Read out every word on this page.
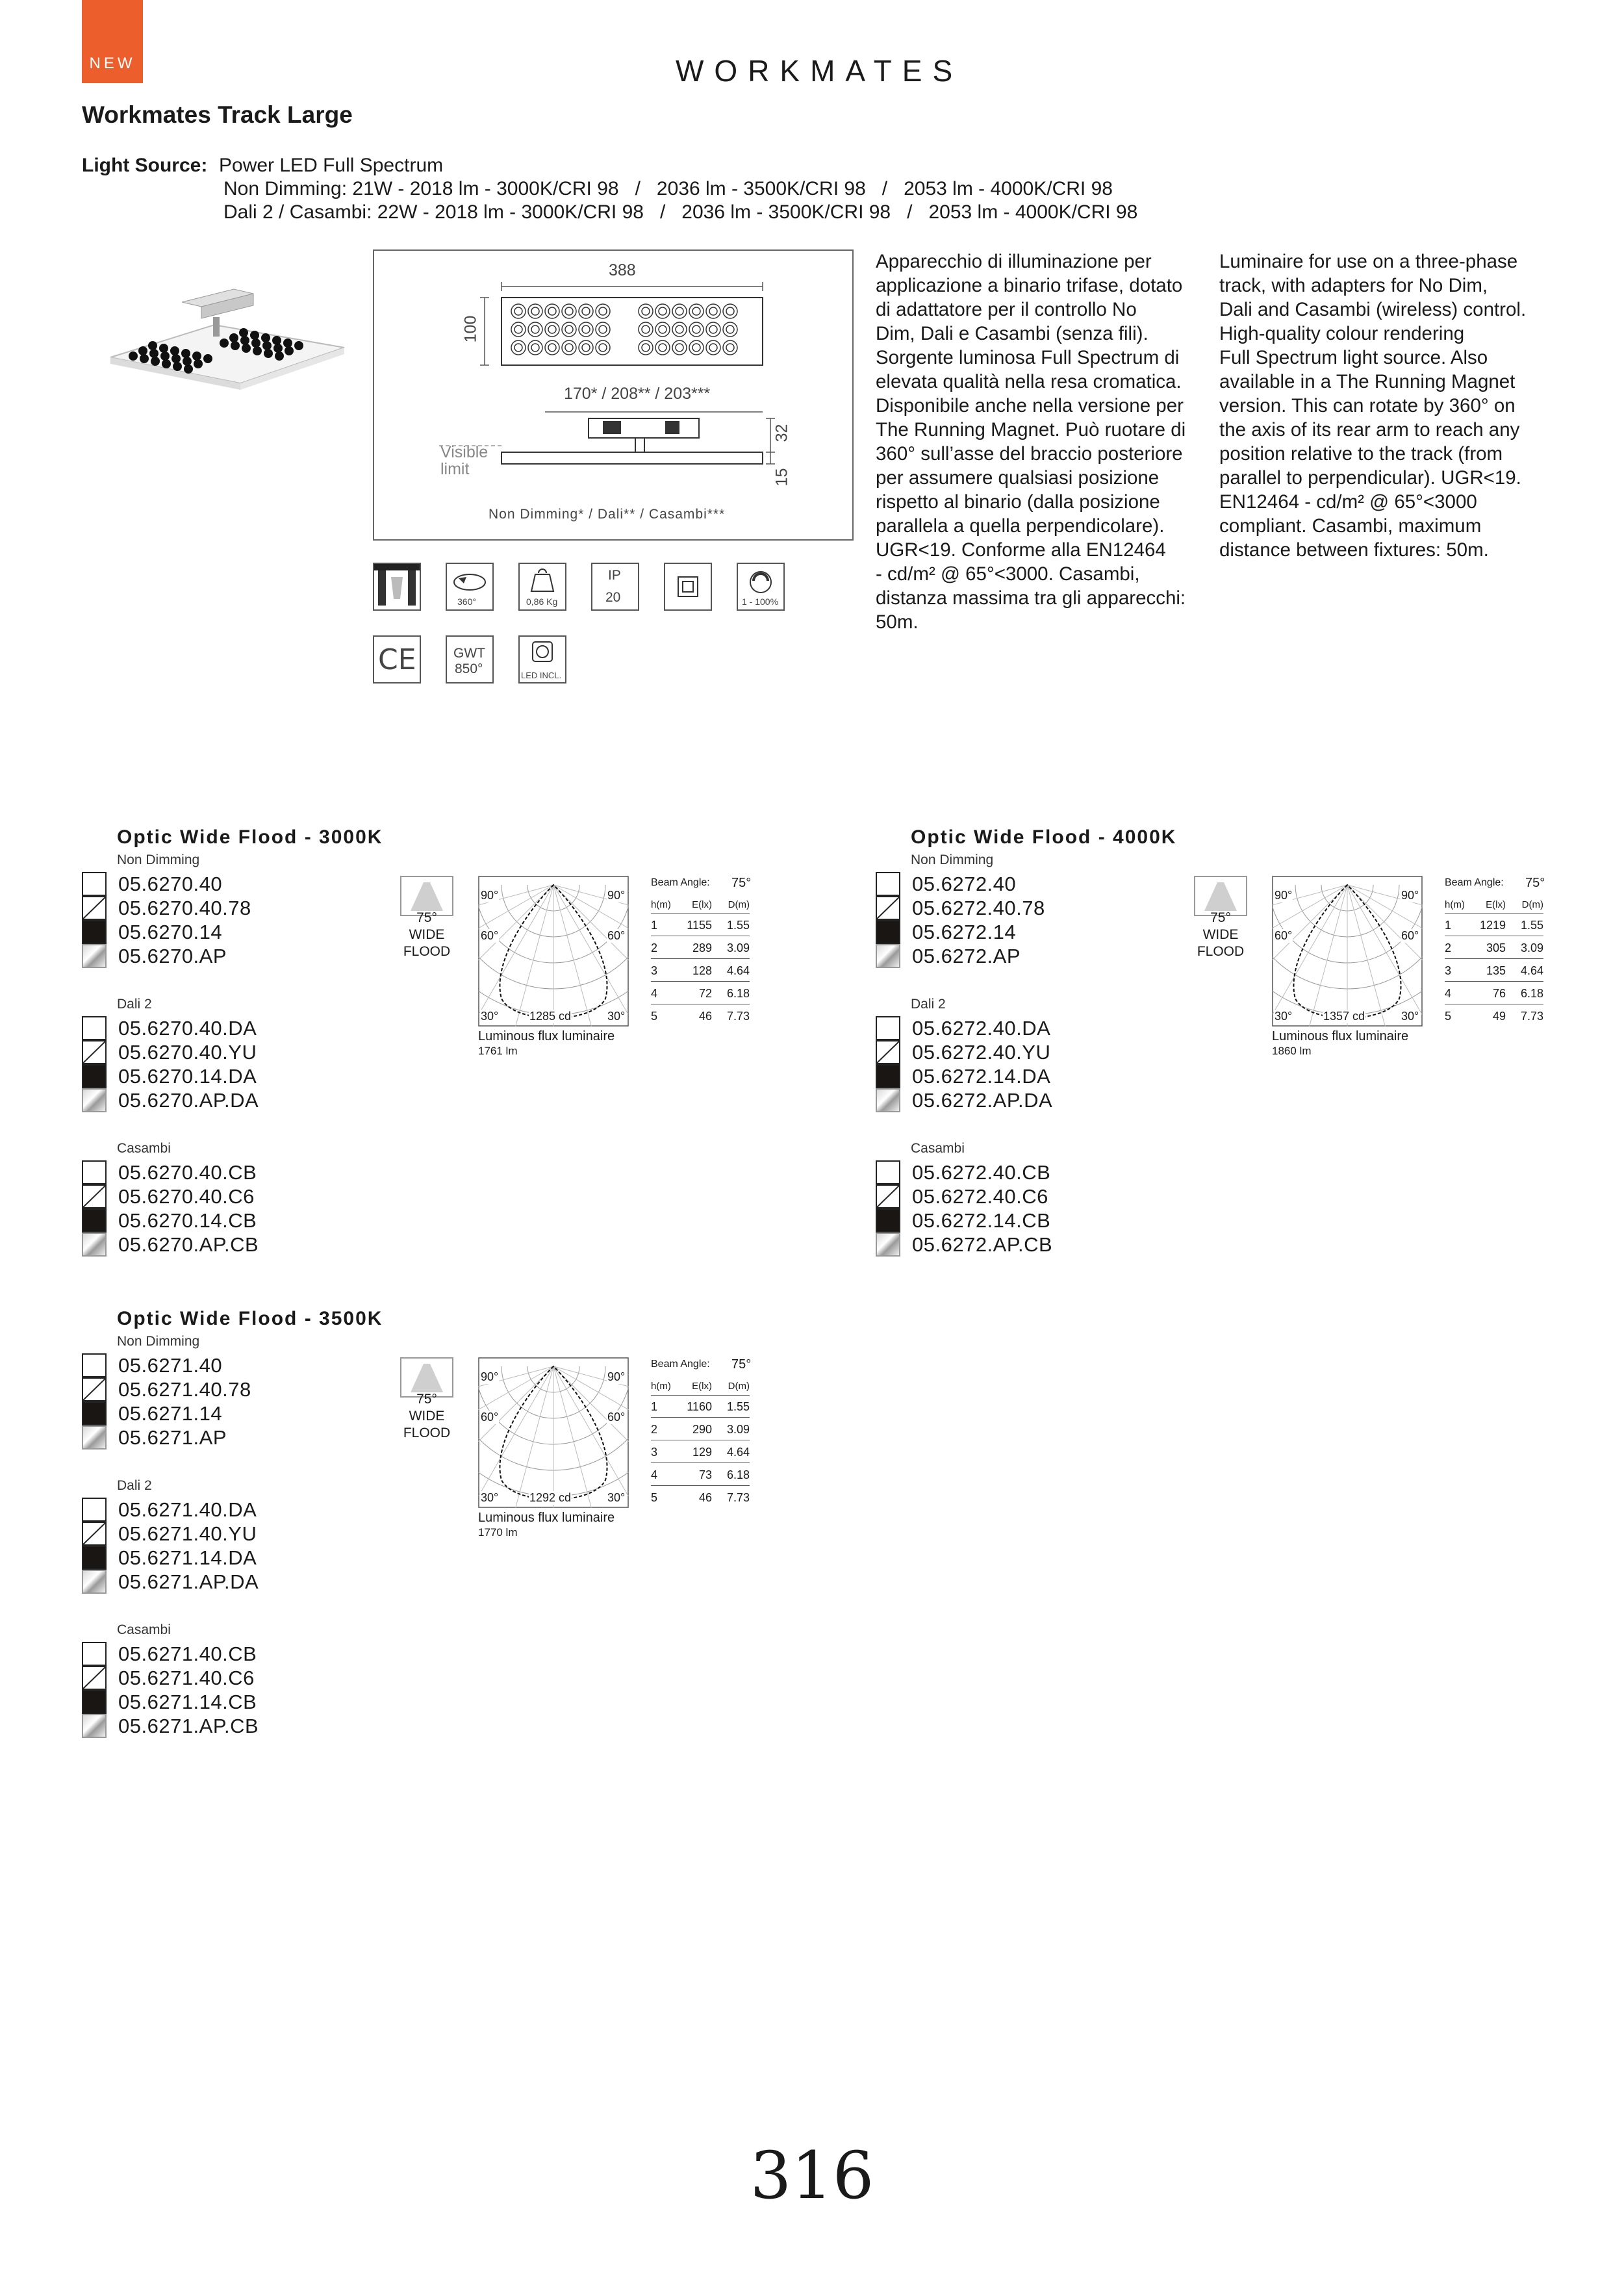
NEW	WORKMATES
Workmates Track Large
Light Source: Power LED Full Spectrum
Non Dimming: 21W - 2018 lm - 3000K/CRI 98   /   2036 lm - 3500K/CRI 98   /   2053 lm - 4000K/CRI 98
Dali 2 / Casambi: 22W - 2018 lm - 3000K/CRI 98   /   2036 lm - 3500K/CRI 98   /   2053 lm - 4000K/CRI 98
388
100
170* / 208** / 203***
32
15
Visible
limit
Non Dimming* / Dali** / Casambi***
360°	0,86 Kg
IP
20	1 - 100%
CE	GWT
850°	LED INCL.
Apparecchio di illuminazione per
applicazione a binario trifase, dotato
di adattatore per il controllo No
Dim, Dali e Casambi (senza fili).
Sorgente luminosa Full Spectrum di
elevata qualità nella resa cromatica.
Disponibile anche nella versione per
The Running Magnet. Può ruotare di
360° sull’asse del braccio posteriore
per assumere qualsiasi posizione
rispetto al binario (dalla posizione
parallela a quella perpendicolare).
UGR<19. Conforme alla EN12464
- cd/m² @ 65°<3000. Casambi,
distanza massima tra gli apparecchi:
50m.
Luminaire for use on a three-phase
track, with adapters for No Dim,
Dali and Casambi (wireless) control.
High-quality colour rendering
Full Spectrum light source. Also
available in a The Running Magnet
version. This can rotate by 360° on
the axis of its rear arm to reach any
position relative to the track (from
parallel to perpendicular). UGR<19.
EN12464 - cd/m² @ 65°<3000
compliant. Casambi, maximum
distance between fixtures: 50m.
Optic Wide Flood - 3000K
Non Dimming
05.6270.40
05.6270.40.78
05.6270.14
05.6270.AP
Dali 2
05.6270.40.DA
05.6270.40.YU
05.6270.14.DA
05.6270.AP.DA
Casambi
05.6270.40.CB
05.6270.40.C6
05.6270.14.CB
05.6270.AP.CB
75°
WIDE
FLOOD
90°	90°
60°	60°
30°	30°
1285 cd
Luminous flux luminaire
1761 lm
Beam Angle: 75°
h(m)	E(lx)	D(m)
1	1155	1.55
2	289	3.09
3	128	4.64
4	72	6.18
5	46	7.73
Optic Wide Flood - 4000K
Non Dimming
05.6272.40
05.6272.40.78
05.6272.14
05.6272.AP
Dali 2
05.6272.40.DA
05.6272.40.YU
05.6272.14.DA
05.6272.AP.DA
Casambi
05.6272.40.CB
05.6272.40.C6
05.6272.14.CB
05.6272.AP.CB
75°
WIDE
FLOOD
90°	90°
60°	60°
30°	30°
1357 cd
Luminous flux luminaire
1860 lm
Beam Angle: 75°
h(m)	E(lx)	D(m)
1	1219	1.55
2	305	3.09
3	135	4.64
4	76	6.18
5	49	7.73
Optic Wide Flood - 3500K
Non Dimming
05.6271.40
05.6271.40.78
05.6271.14
05.6271.AP
Dali 2
05.6271.40.DA
05.6271.40.YU
05.6271.14.DA
05.6271.AP.DA
Casambi
05.6271.40.CB
05.6271.40.C6
05.6271.14.CB
05.6271.AP.CB
75°
WIDE
FLOOD
90°	90°
60°	60°
30°	30°
1292 cd
Luminous flux luminaire
1770 lm
Beam Angle: 75°
h(m)	E(lx)	D(m)
1	1160	1.55
2	290	3.09
3	129	4.64
4	73	6.18
5	46	7.73
316
